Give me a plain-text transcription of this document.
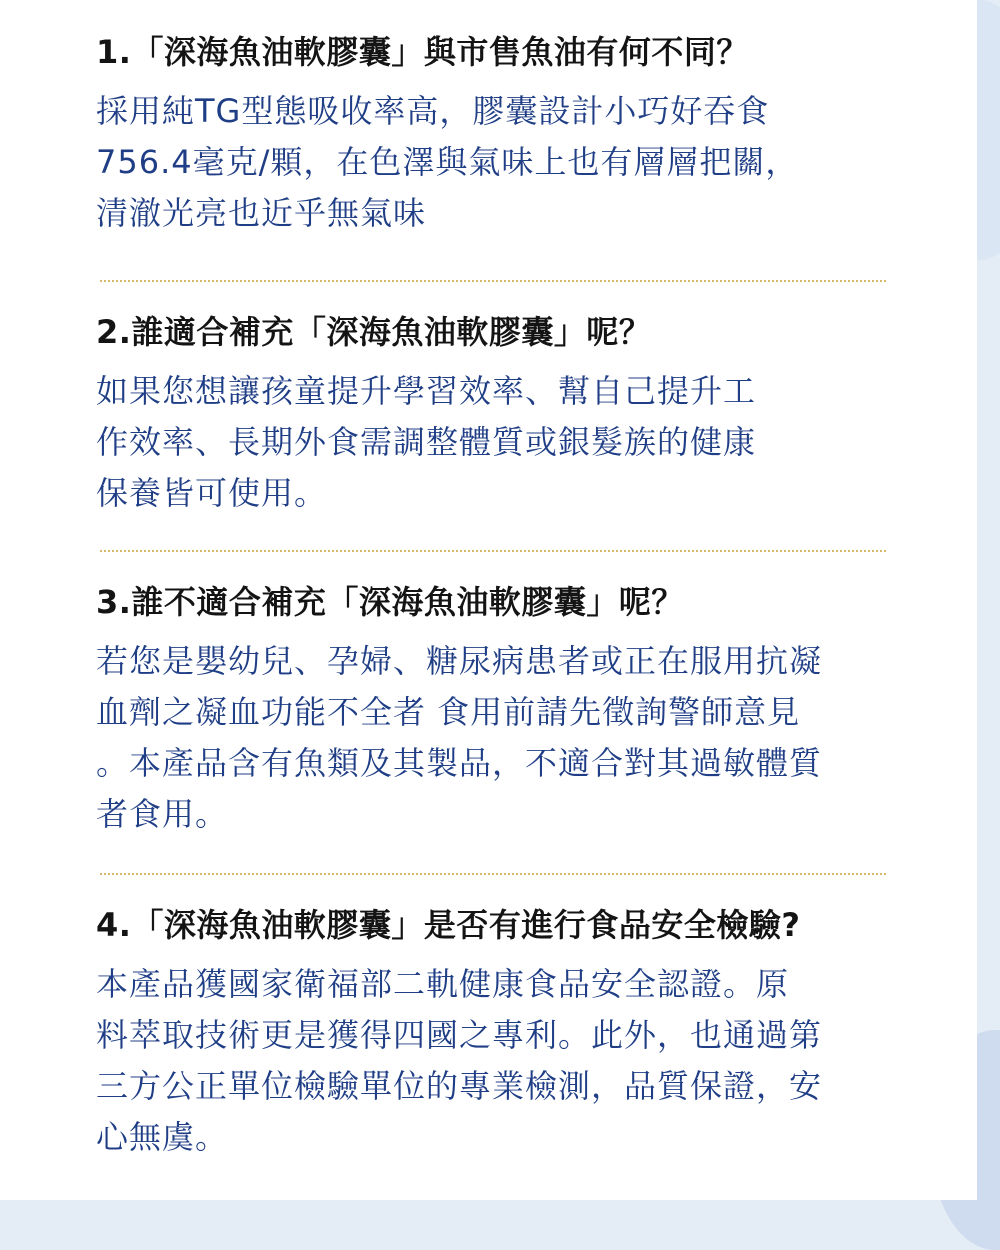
1.「深海魚油軟膠囊」與市售魚油有何不同？

採用純TG型態吸收率高，膠囊設計小巧好吞食
756.4毫克/顆，在色澤與氣味上也有層層把關，
清澈光亮也近乎無氣味

2.誰適合補充「深海魚油軟膠囊」呢？

如果您想讓孩童提升學習效率、幫自己提升工
作效率、長期外食需調整體質或銀髮族的健康
保養皆可使用。

3.誰不適合補充「深海魚油軟膠囊」呢？

若您是嬰幼兒、孕婦、糖尿病患者或正在服用抗凝
血劑之凝血功能不全者 食用前請先徵詢警師意見
。本產品含有魚類及其製品，不適合對其過敏體質
者食用。

4.「深海魚油軟膠囊」是否有進行食品安全檢驗?

本產品獲國家衛福部二軌健康食品安全認證。原
料萃取技術更是獲得四國之專利。此外，也通過第
三方公正單位檢驗單位的專業檢測，品質保證，安
心無虞。
